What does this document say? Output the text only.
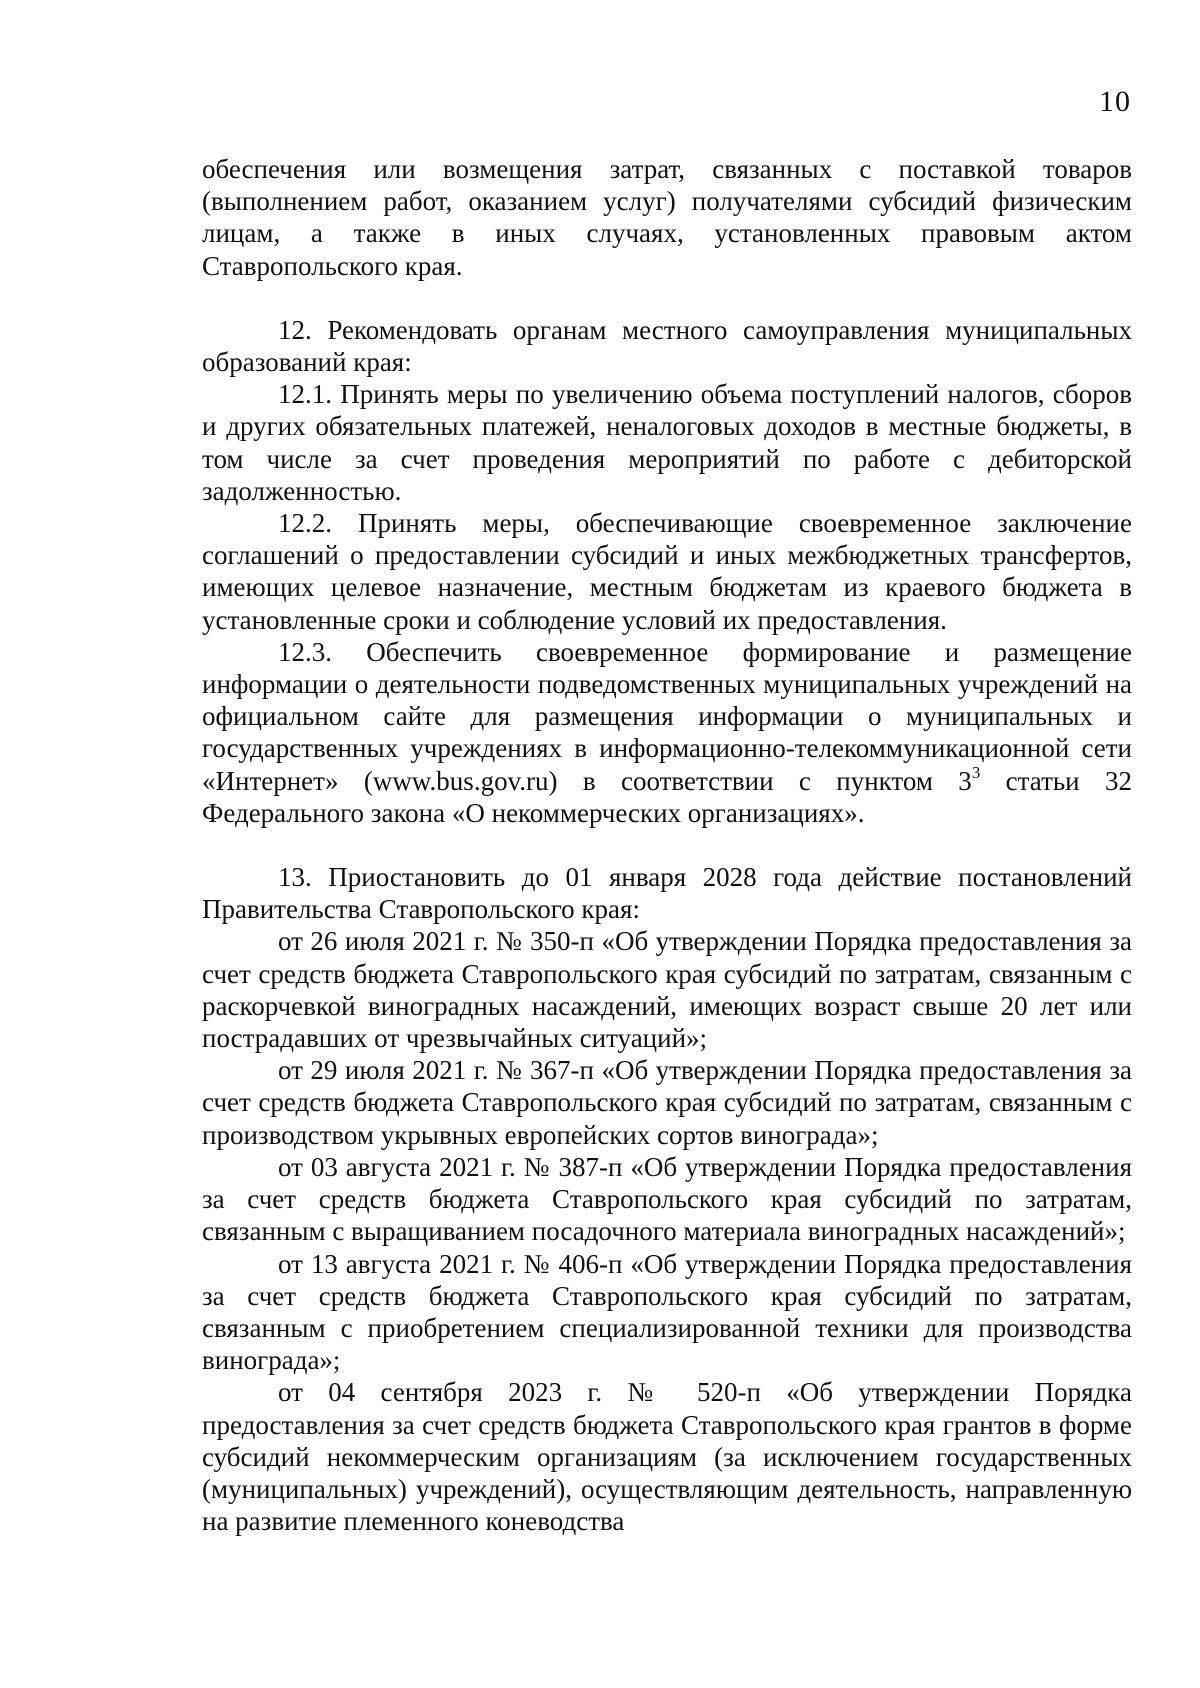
10

обеспечения или возмещения затрат, связанных с поставкой товаров (выполнением работ, оказанием услуг) получателями субсидий физическим лицам, а также в иных случаях, установленных правовым актом Ставропольского края.

12. Рекомендовать органам местного самоуправления муниципальных образований края:

12.1. Принять меры по увеличению объема поступлений налогов, сборов и других обязательных платежей, неналоговых доходов в местные бюджеты, в том числе за счет проведения мероприятий по работе с дебиторской задолженностью.

12.2. Принять меры, обеспечивающие своевременное заключение соглашений о предоставлении субсидий и иных межбюджетных трансфертов, имеющих целевое назначение, местным бюджетам из краевого бюджета в установленные сроки и соблюдение условий их предоставления.

12.3. Обеспечить своевременное формирование и размещение информации о деятельности подведомственных муниципальных учреждений на официальном сайте для размещения информации о муниципальных и государственных учреждениях в информационно-телекоммуникационной сети «Интернет» (www.bus.gov.ru) в соответствии с пунктом $3^3$ статьи 32 Федерального закона «О некоммерческих организациях».

13. Приостановить до 01 января 2028 года действие постановлений Правительства Ставропольского края:

от 26 июля 2021 г. № 350-п «Об утверждении Порядка предоставления за счет средств бюджета Ставропольского края субсидий по затратам, связанным с раскорчевкой виноградных насаждений, имеющих возраст свыше 20 лет или пострадавших от чрезвычайных ситуаций»;

от 29 июля 2021 г. № 367-п «Об утверждении Порядка предоставления за счет средств бюджета Ставропольского края субсидий по затратам, связанным с производством укрывных европейских сортов винограда»;

от 03 августа 2021 г. № 387-п «Об утверждении Порядка предоставления за счет средств бюджета Ставропольского края субсидий по затратам, связанным с выращиванием посадочного материала виноградных насаждений»;

от 13 августа 2021 г. № 406-п «Об утверждении Порядка предоставления за счет средств бюджета Ставропольского края субсидий по затратам, связанным с приобретением специализированной техники для производства винограда»;

от 04 сентября 2023 г. № 520-п «Об утверждении Порядка предоставления за счет средств бюджета Ставропольского края грантов в форме субсидий некоммерческим организациям (за исключением государственных (муниципальных) учреждений), осуществляющим деятельность, направленную на развитие племенного коневодства
